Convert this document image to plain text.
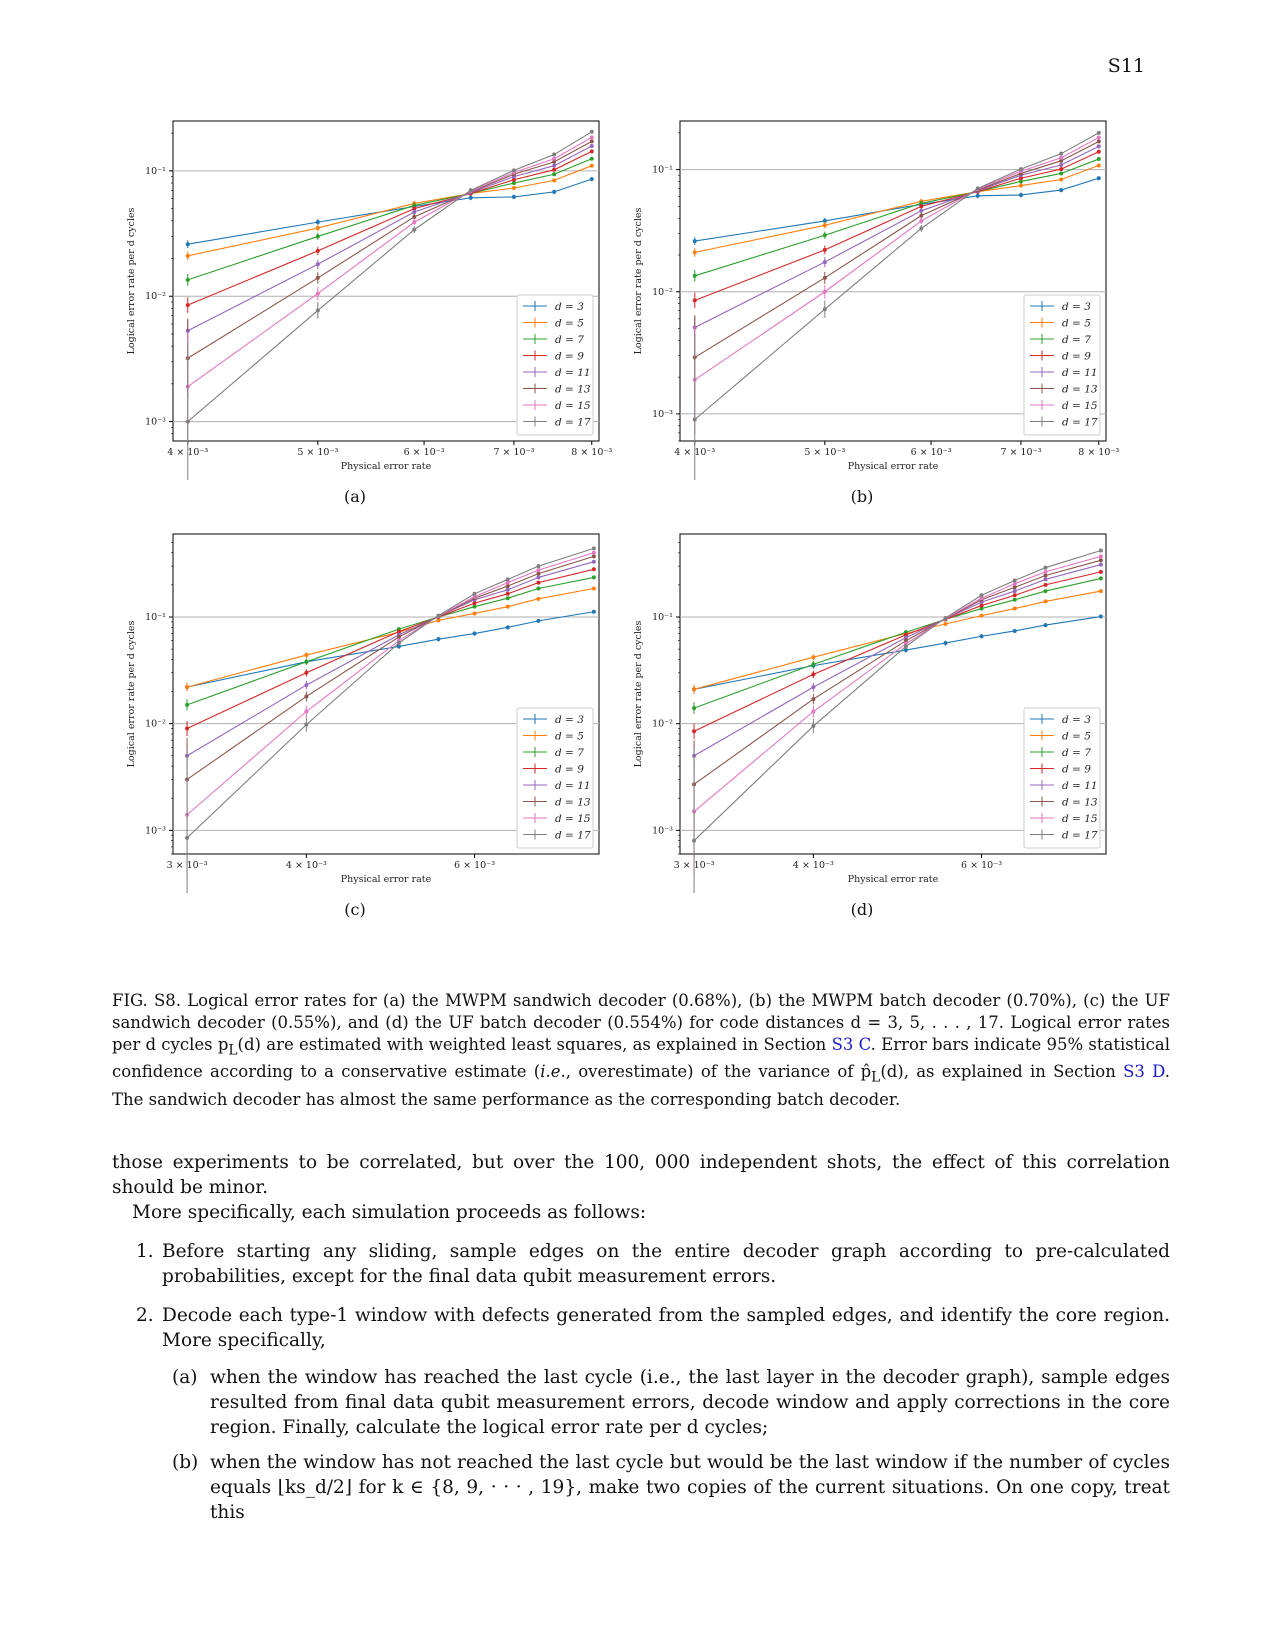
S11
10⁻¹
10⁻²
10⁻³
4 × 10⁻³	5 × 10⁻³	6 × 10⁻³	7 × 10⁻³	8 × 10⁻³
Physical error rate
Logical error rate per d cycles	d = 3
d = 5
d = 7
d = 9
d = 11
d = 13
d = 15
d = 17
(a)
10⁻¹
10⁻²
10⁻³
4 × 10⁻³	5 × 10⁻³	6 × 10⁻³	7 × 10⁻³	8 × 10⁻³
Physical error rate
Logical error rate per d cycles	d = 3
d = 5
d = 7
d = 9
d = 11
d = 13
d = 15
d = 17
(b)
10⁻¹
10⁻²
10⁻³
3 × 10⁻³	4 × 10⁻³	6 × 10⁻³
Physical error rate
Logical error rate per d cycles	d = 3
d = 5
d = 7
d = 9
d = 11
d = 13
d = 15
d = 17
(c)
10⁻¹
10⁻²
10⁻³
3 × 10⁻³	4 × 10⁻³	6 × 10⁻³
Physical error rate
Logical error rate per d cycles	d = 3
d = 5
d = 7
d = 9
d = 11
d = 13
d = 15
d = 17
(d)
FIG. S8. Logical error rates for (a) the MWPM sandwich decoder (0.68%), (b) the MWPM batch decoder (0.70%), (c) the UF sandwich decoder (0.55%), and (d) the UF batch decoder (0.554%) for code distances d = 3, 5, . . . , 17. Logical error rates per d cycles $p_L(d)$ are estimated with weighted least squares, as explained in Section S3 C. Error bars indicate 95% statistical confidence according to a conservative estimate (i.e., overestimate) of the variance of $p̂_L(d)$, as explained in Section S3 D. The sandwich decoder has almost the same performance as the corresponding batch decoder.

those experiments to be correlated, but over the 100, 000 independent shots, the effect of this correlation should be minor.

More specifically, each simulation proceeds as follows:

1. Before starting any sliding, sample edges on the entire decoder graph according to pre-calculated probabilities, except for the final data qubit measurement errors.
2. Decode each type-1 window with defects generated from the sampled edges, and identify the core region. More specifically,
(a) when the window has reached the last cycle (i.e., the last layer in the decoder graph), sample edges resulted from final data qubit measurement errors, decode window and apply corrections in the core region. Finally, calculate the logical error rate per d cycles;
(b) when the window has not reached the last cycle but would be the last window if the number of cycles equals ⌊ks_d/2⌋ for k ∈ {8, 9, · · · , 19}, make two copies of the current situations. On one copy, treat this
